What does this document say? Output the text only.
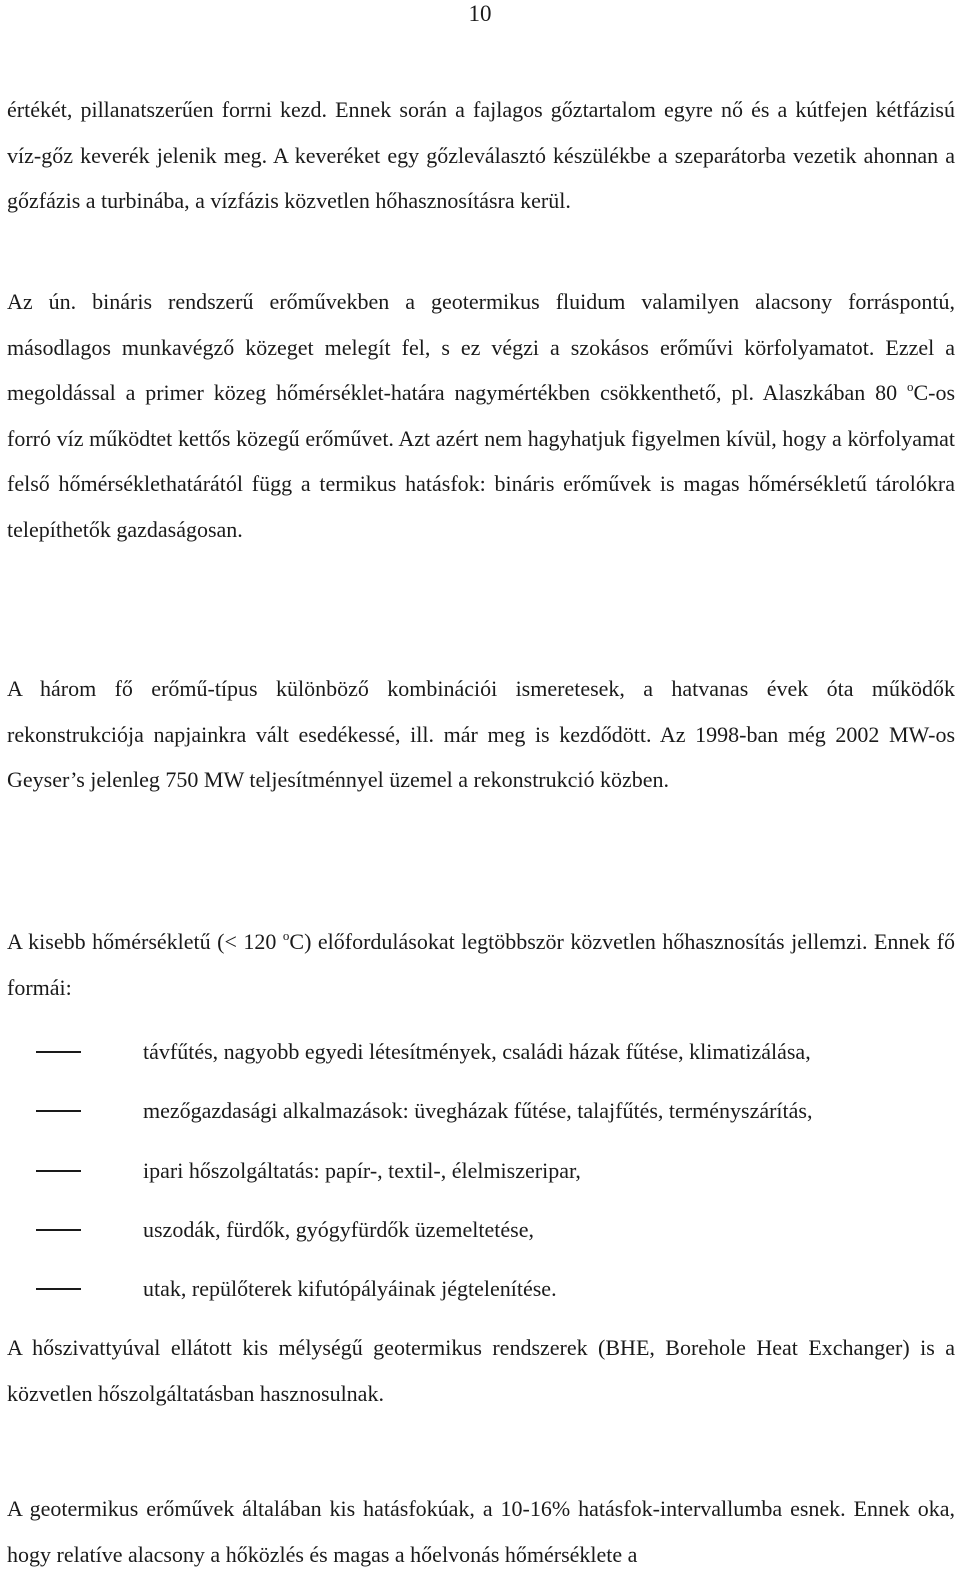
10

értékét, pillanatszerűen forrni kezd. Ennek során a fajlagos gőztartalom egyre nő és a kútfejen kétfázisú víz-gőz keverék jelenik meg. A keveréket egy gőzleválasztó készülékbe a szeparátorba vezetik ahonnan a gőzfázis a turbinába, a vízfázis közvetlen hőhasznosításra kerül.

Az ún. bináris rendszerű erőművekben a geotermikus fluidum valamilyen alacsony forráspontú, másodlagos munkavégző közeget melegít fel, s ez végzi a szokásos erőművi körfolyamatot. Ezzel a megoldással a primer közeg hőmérséklet-határa nagymértékben csökkenthető, pl. Alaszkában 80 $^o$C-os forró víz működtet kettős közegű erőművet. Azt azért nem hagyhatjuk figyelmen kívül, hogy a körfolyamat felső hőmérséklethatárától függ a termikus hatásfok: bináris erőművek is magas hőmérsékletű tárolókra telepíthetők gazdaságosan.

A három fő erőmű-típus különböző kombinációi ismeretesek, a hatvanas évek óta működők rekonstrukciója napjainkra vált esedékessé, ill. már meg is kezdődött. Az 1998-ban még 2002 MW-os Geyser’s jelenleg 750 MW teljesítménnyel üzemel a rekonstrukció közben.

A kisebb hőmérsékletű (< 120 $^o$C) előfordulásokat legtöbbször közvetlen hőhasznosítás jellemzi. Ennek fő formái:

távfűtés, nagyobb egyedi létesítmények, családi házak fűtése, klimatizálása,
mezőgazdasági alkalmazások: üvegházak fűtése, talajfűtés, terményszárítás,
ipari hőszolgáltatás: papír-, textil-, élelmiszeripar,
uszodák, fürdők, gyógyfürdők üzemeltetése,
utak, repülőterek kifutópályáinak jégtelenítése.

A hőszivattyúval ellátott kis mélységű geotermikus rendszerek (BHE, Borehole Heat Exchanger) is a közvetlen hőszolgáltatásban hasznosulnak.

A geotermikus erőművek általában kis hatásfokúak, a 10-16% hatásfok-intervallumba esnek. Ennek oka, hogy relatíve alacsony a hőközlés és magas a hőelvonás hőmérséklete a
